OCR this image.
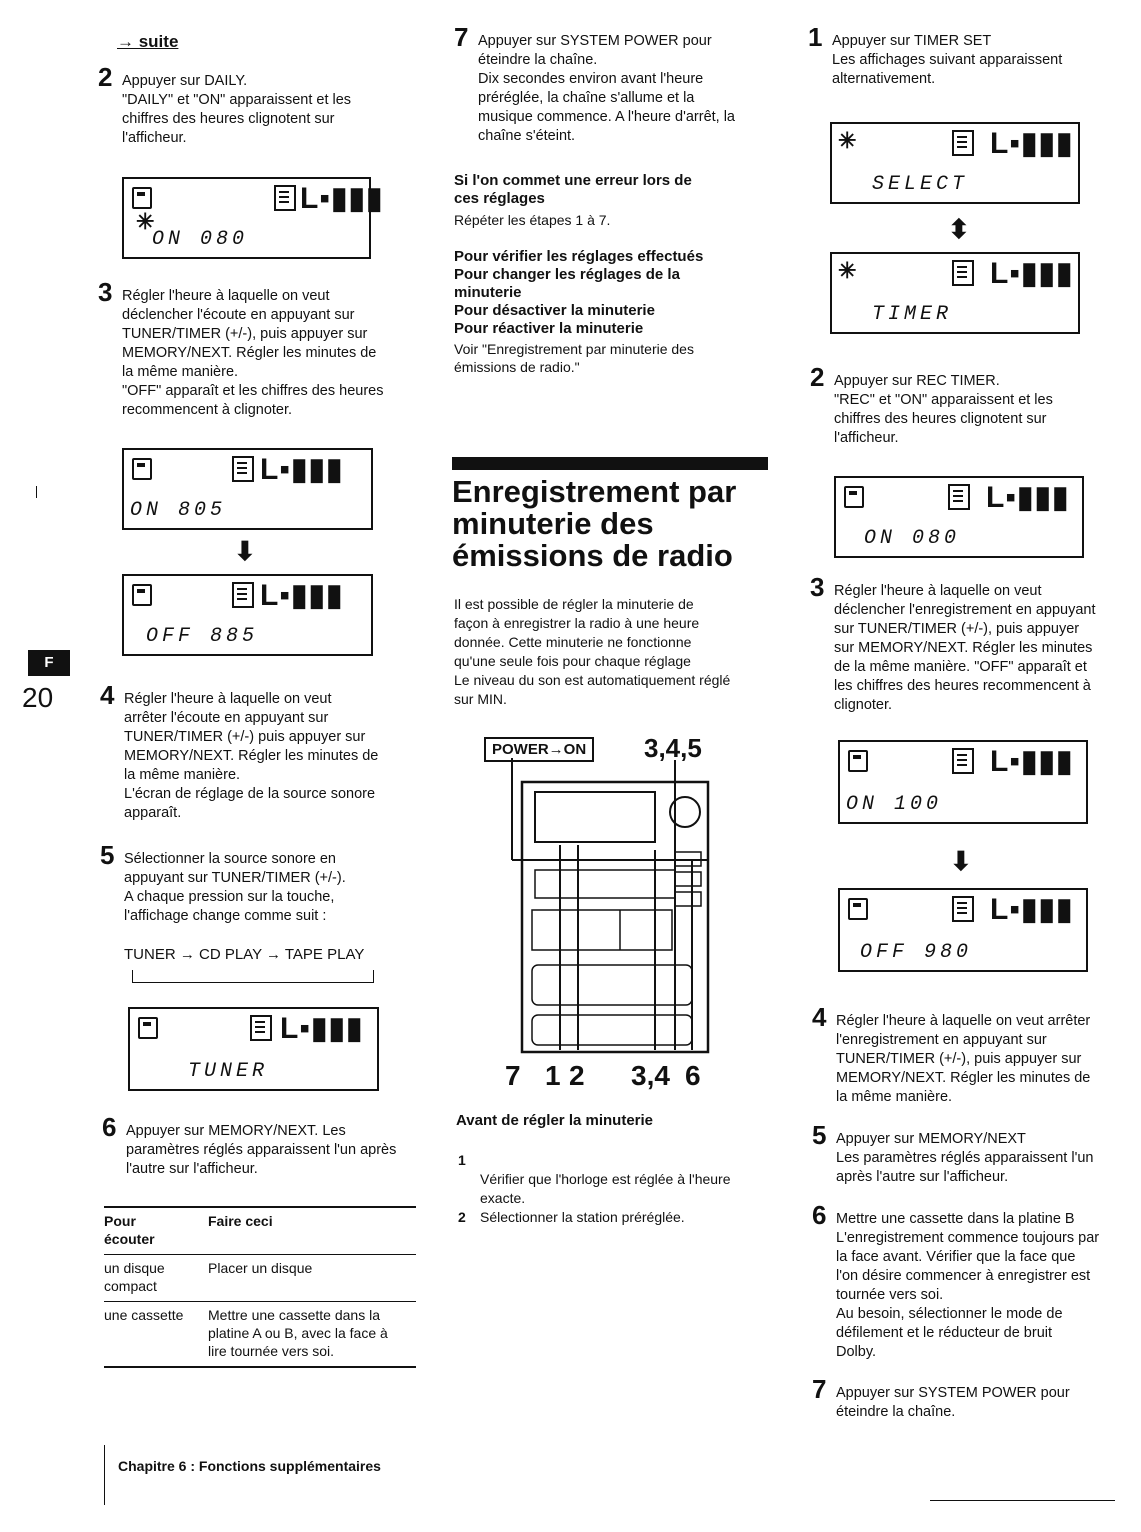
→ suite
F
20
2 Appuyer sur DAILY.
"DAILY" et "ON" apparaissent et les
chiffres des heures clignotent sur
l'afficheur.

L▪▮▮▮
ON 080
✳
3 Régler l'heure à laquelle on veut
déclencher l'écoute en appuyant sur
TUNER/TIMER (+/-), puis appuyer sur
MEMORY/NEXT. Régler les minutes de
la même manière.
"OFF" apparaît et les chiffres des heures
recommencent à clignoter.

L▪▮▮▮
ON 805
⬇
L▪▮▮▮
OFF 885
4 Régler l'heure à laquelle on veut
arrêter l'écoute en appuyant sur
TUNER/TIMER (+/-) puis appuyer sur
MEMORY/NEXT. Régler les minutes de
la même manière.
L'écran de réglage de la source sonore
apparaît.

5 Sélectionner la source sonore en
appuyant sur TUNER/TIMER (+/-).
A chaque pression sur la touche,
l'affichage change comme suit :

TUNER → CD PLAY → TAPE PLAY
L▪▮▮▮
TUNER
6 Appuyer sur MEMORY/NEXT. Les
paramètres réglés apparaissent l'un après
l'autre sur l'afficheur.

Pour
écouter	Faire ceci
un disque
compact	Placer un disque
une cassette	Mettre une cassette dans la
platine A ou B, avec la face à
lire tournée vers soi.
7 Appuyer sur SYSTEM POWER pour
éteindre la chaîne.
Dix secondes environ avant l'heure
préréglée, la chaîne s'allume et la
musique commence. A l'heure d'arrêt, la
chaîne s'éteint.

Si l'on commet une erreur lors de
ces réglages
Répéter les étapes 1 à 7.
Pour vérifier les réglages effectués
Pour changer les réglages de la
minuterie
Pour désactiver la minuterie
Pour réactiver la minuterie
Voir "Enregistrement par minuterie des
émissions de radio."
Enregistrement par
minuterie des
émissions de radio
Il est possible de régler la minuterie de
façon à enregistrer la radio à une heure
donnée. Cette minuterie ne fonctionne
qu'une seule fois pour chaque réglage
Le niveau du son est automatiquement réglé
sur MIN.
POWER→ON	3,4,5
7 1 2 3,4 6
Avant de régler la minuterie

1

Vérifier que l'horloge est réglée à l'heure
exacte.

2 Sélectionner la station préréglée.
1 Appuyer sur TIMER SET
Les affichages suivant apparaissent
alternativement.

L▪▮▮▮
SELECT
✳
⬍
L▪▮▮▮
TIMER
✳
2 Appuyer sur REC TIMER.
"REC" et "ON" apparaissent et les
chiffres des heures clignotent sur
l'afficheur.

L▪▮▮▮
ON 080
3 Régler l'heure à laquelle on veut
déclencher l'enregistrement en appuyant
sur TUNER/TIMER (+/-), puis appuyer
sur MEMORY/NEXT. Régler les minutes
de la même manière. "OFF" apparaît et
les chiffres des heures recommencent à
clignoter.

L▪▮▮▮
ON 100
⬇
L▪▮▮▮
OFF 980
4 Régler l'heure à laquelle on veut arrêter
l'enregistrement en appuyant sur
TUNER/TIMER (+/-), puis appuyer sur
MEMORY/NEXT. Régler les minutes de
la même manière.

5 Appuyer sur MEMORY/NEXT
Les paramètres réglés apparaissent l'un
après l'autre sur l'afficheur.

6 Mettre une cassette dans la platine B
L'enregistrement commence toujours par
la face avant. Vérifier que la face que
l'on désire commencer à enregistrer est
tournée vers soi.
Au besoin, sélectionner le mode de
défilement et le réducteur de bruit
Dolby.

7 Appuyer sur SYSTEM POWER pour
éteindre la chaîne.

Chapitre 6 : Fonctions supplémentaires
